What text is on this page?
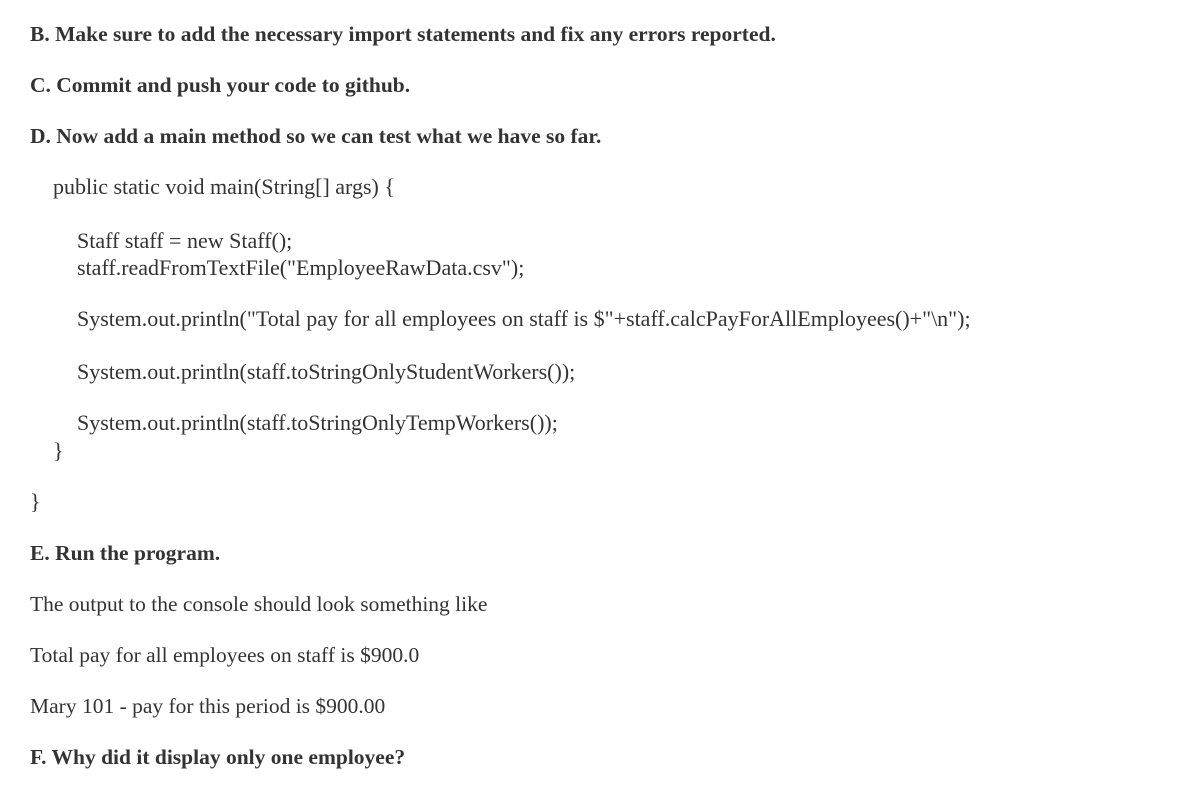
B. Make sure to add the necessary import statements and fix any errors reported.
C. Commit and push your code to github.
D. Now add a main method so we can test what we have so far.
public static void main(String[] args) {
Staff staff = new Staff();
staff.readFromTextFile("EmployeeRawData.csv");
System.out.println("Total pay for all employees on staff is $"+staff.calcPayForAllEmployees()+"\n");
System.out.println(staff.toStringOnlyStudentWorkers());
System.out.println(staff.toStringOnlyTempWorkers());
}
}
E. Run the program.
The output to the console should look something like
Total pay for all employees on staff is $900.0
Mary 101 - pay for this period is $900.00
F. Why did it display only one employee?
